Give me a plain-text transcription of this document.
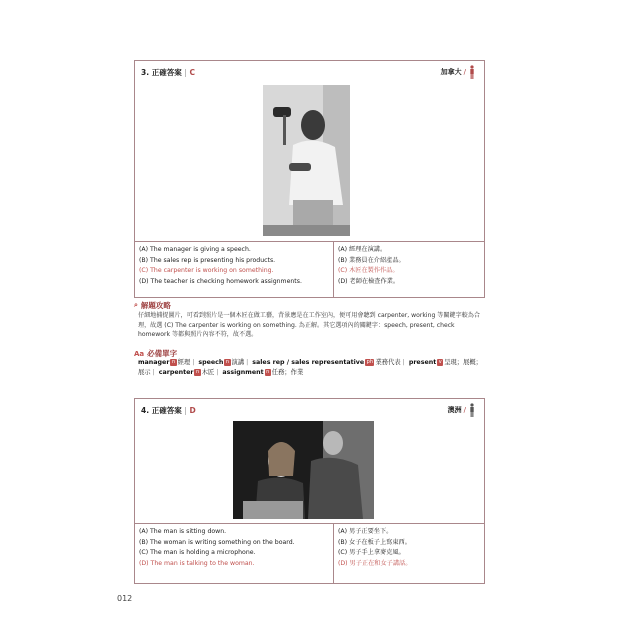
3. 正確答案 | C	加拿大 /
(A) The manager is giving a speech.
(B) The sales rep is presenting his products.
(C) The carpenter is working on something.
(D) The teacher is checking homework assignments.
(A) 經理在演講。
(B) 業務員在介紹產品。
(C) 木匠在製作作品。
(D) 老師在檢查作業。
⌕ 解題攻略
仔細地捕捉圖片，可看到照片是一個木匠在做工藝，背景應是在工作室內，便可用會聽到 carpenter, working 等關鍵字較為合理，故選 (C) The carpenter is working on something. 為正解。其它選項內的關鍵字：speech, present, check homework 等都與照片內容不符，故不選。
Aa 必備單字
manager n 經理 | speech n 演講 | sales rep / sales representative ph 業務代表 | present v 呈現；展概；展示 | carpenter n 木匠 | assignment n 任務；作業
4. 正確答案 | D	澳洲 /
(A) The man is sitting down.
(B) The woman is writing something on the board.
(C) The man is holding a microphone.
(D) The man is talking to the woman.
(A) 男子正要坐下。
(B) 女子在板子上寫東西。
(C) 男子手上拿麥克風。
(D) 男子正在和女子講話。
012
